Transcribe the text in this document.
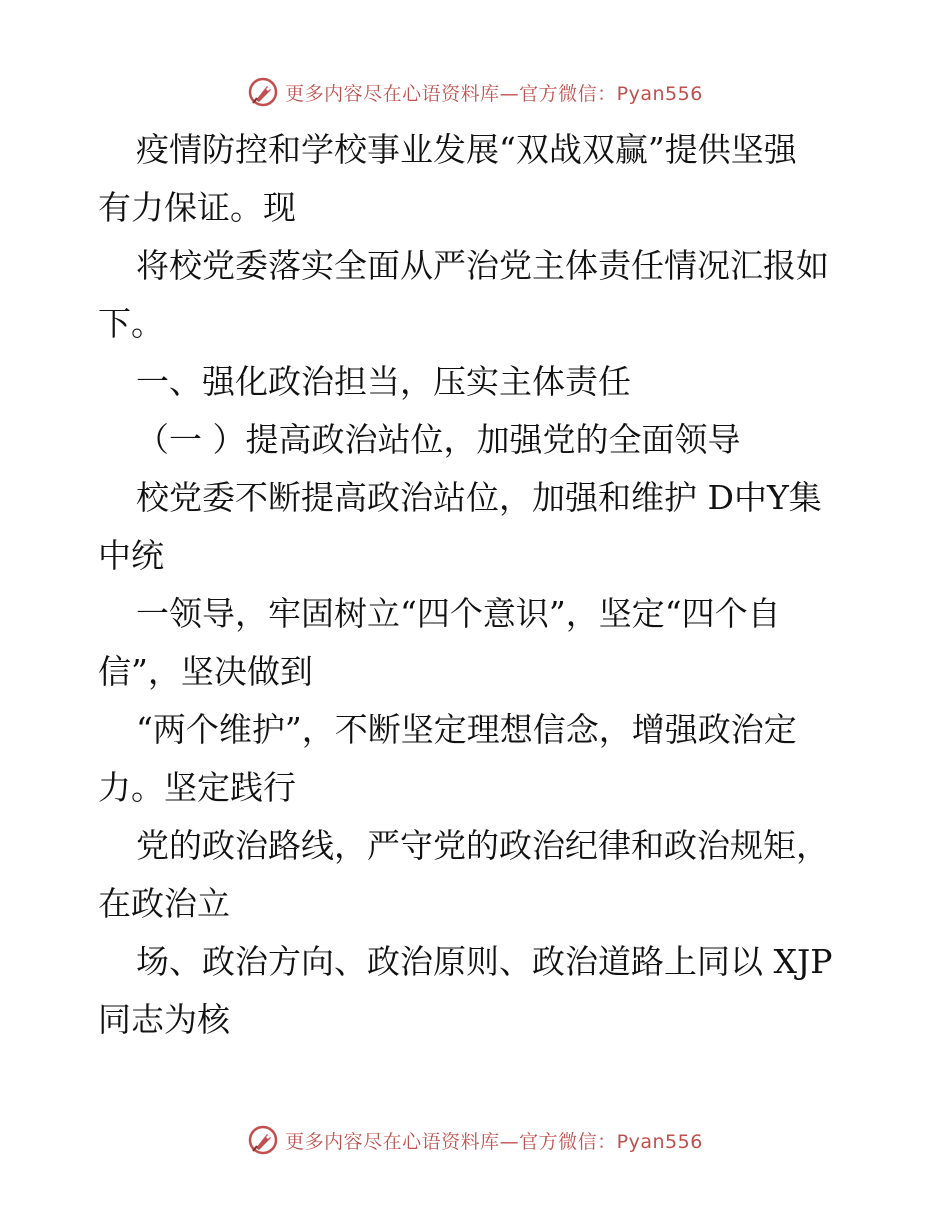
更多内容尽在心语资料库—官方微信：Pyan556
疫情防控和学校事业发展“双战双赢”提供坚强
有力保证。现
将校党委落实全面从严治党主体责任情况汇报如
下。
一、强化政治担当，压实主体责任
（一 ）提高政治站位，加强党的全面领导
校党委不断提高政治站位，加强和维护 D中Y集
中统
一领导，牢固树立“四个意识”，坚定“四个自
信”，坚决做到
“两个维护”，不断坚定理想信念，增强政治定
力。坚定践行
党的政治路线，严守党的政治纪律和政治规矩，
在政治立
场、政治方向、政治原则、政治道路上同以 XJP
同志为核
更多内容尽在心语资料库—官方微信：Pyan556
